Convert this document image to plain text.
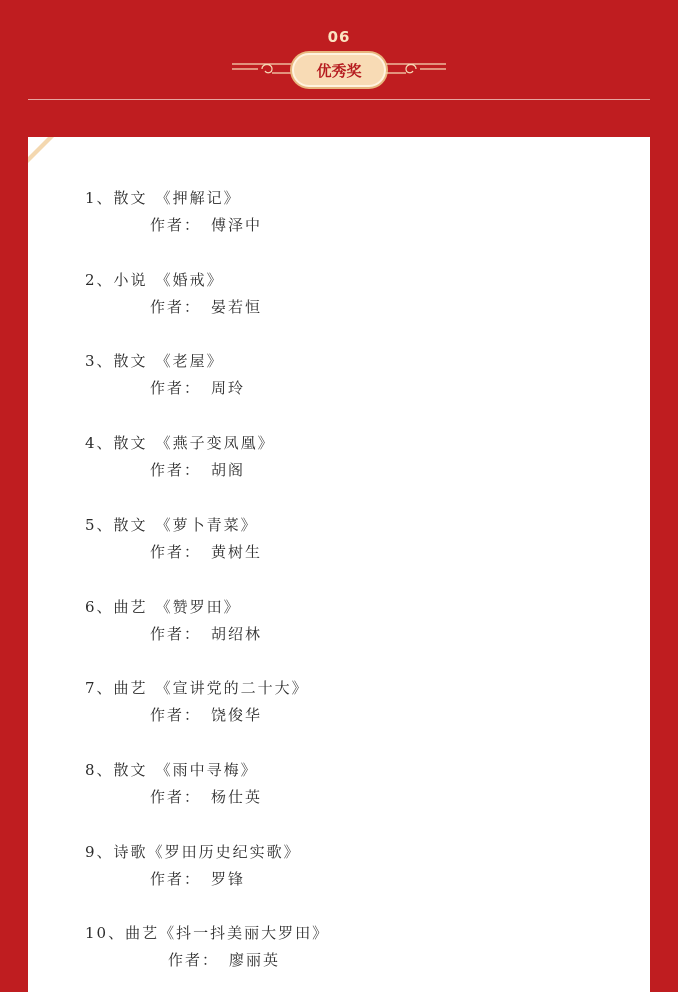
06
优秀奖
1、散文 《押解记》
作者： 傅泽中
2、小说 《婚戒》
作者： 晏若恒
3、散文 《老屋》
作者： 周玲
4、散文 《燕子变凤凰》
作者： 胡阁
5、散文 《萝卜青菜》
作者： 黄树生
6、曲艺 《赞罗田》
作者： 胡绍林
7、曲艺 《宣讲党的二十大》
作者： 饶俊华
8、散文 《雨中寻梅》
作者： 杨仕英
9、诗歌《罗田历史纪实歌》
作者： 罗锋
10、曲艺《抖一抖美丽大罗田》
作者： 廖丽英
